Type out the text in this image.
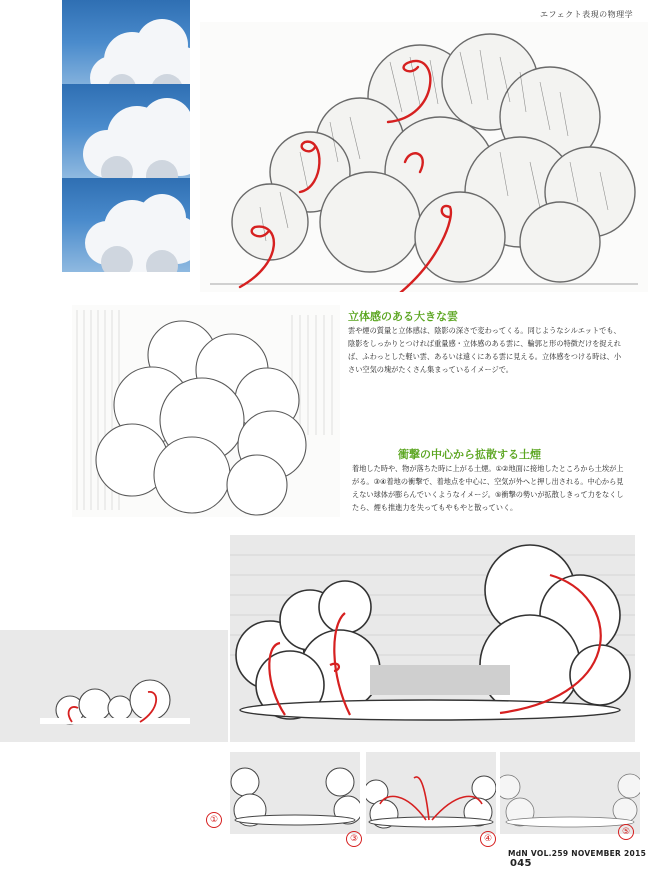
エフェクト表現の物理学
立体感のある大きな雲
雲や煙の質量と立体感は、陰影の深さで変わってくる。同じようなシルエットでも、陰影をしっかりとつければ重量感・立体感のある雲に、輪郭と形の特徴だけを捉えれば、ふわっとした軽い雲、あるいは遠くにある雲に見える。立体感をつける時は、小さい空気の塊がたくさん集まっているイメージで。
衝撃の中心から拡散する土煙
着地した時や、物が落ちた時に上がる土煙。①②地面に接地したところから土埃が上がる。③④着地の衝撃で、着地点を中心に、空気が外へと押し出される。中心から見えない球体が膨らんでいくようなイメージ。⑤衝撃の勢いが拡散しきって力をなくしたら、煙も推進力を失ってもやもやと散っていく。
①
③	④
⑤
MdN VOL.259 NOVEMBER 2015 045
